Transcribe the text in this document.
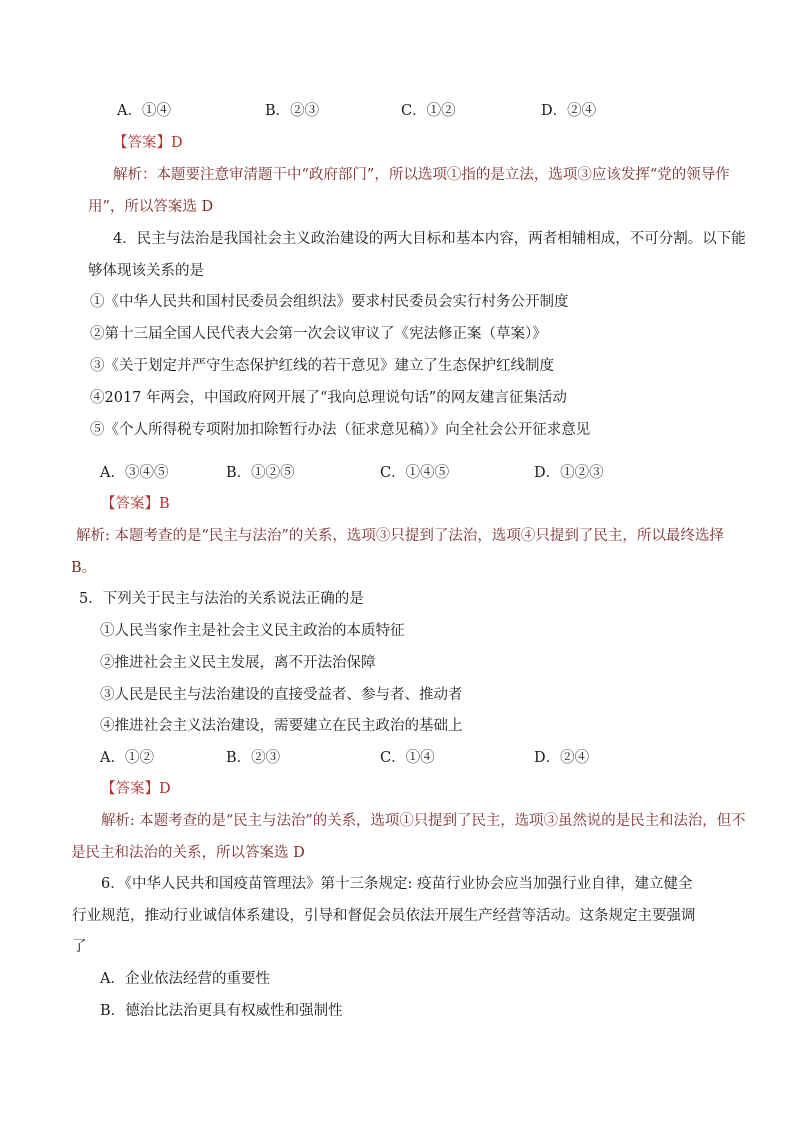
A．①④	B．②③	C．①②	D．②④
【答案】D
解析：本题要注意审清题干中“政府部门”，所以选项①指的是立法，选项③应该发挥“党的领导作
用”，所以答案选 D
4．民主与法治是我国社会主义政治建设的两大目标和基本内容，两者相辅相成，不可分割。以下能
够体现该关系的是
①《中华人民共和国村民委员会组织法》要求村民委员会实行村务公开制度
②第十三届全国人民代表大会第一次会议审议了《宪法修正案（草案）》
③《关于划定并严守生态保护红线的若干意见》建立了生态保护红线制度
④2017 年两会，中国政府网开展了“我向总理说句话”的网友建言征集活动
⑤《个人所得税专项附加扣除暂行办法（征求意见稿）》向全社会公开征求意见
A．③④⑤	B．①②⑤	C．①④⑤	D．①②③
【答案】B
解析: 本题考查的是“民主与法治”的关系，选项③只提到了法治，选项④只提到了民主，所以最终选择
B。
5．下列关于民主与法治的关系说法正确的是
①人民当家作主是社会主义民主政治的本质特征
②推进社会主义民主发展，离不开法治保障
③人民是民主与法治建设的直接受益者、参与者、推动者
④推进社会主义法治建设，需要建立在民主政治的基础上
A．①②	B．②③	C．①④	D．②④
【答案】D
解析: 本题考查的是“民主与法治”的关系，选项①只提到了民主，选项③虽然说的是民主和法治，但不
是民主和法治的关系，所以答案选 D
6．《中华人民共和国疫苗管理法》第十三条规定: 疫苗行业协会应当加强行业自律，建立健全
行业规范，推动行业诚信体系建设，引导和督促会员依法开展生产经营等活动。这条规定主要强调
了
A．企业依法经营的重要性
B．德治比法治更具有权威性和强制性
